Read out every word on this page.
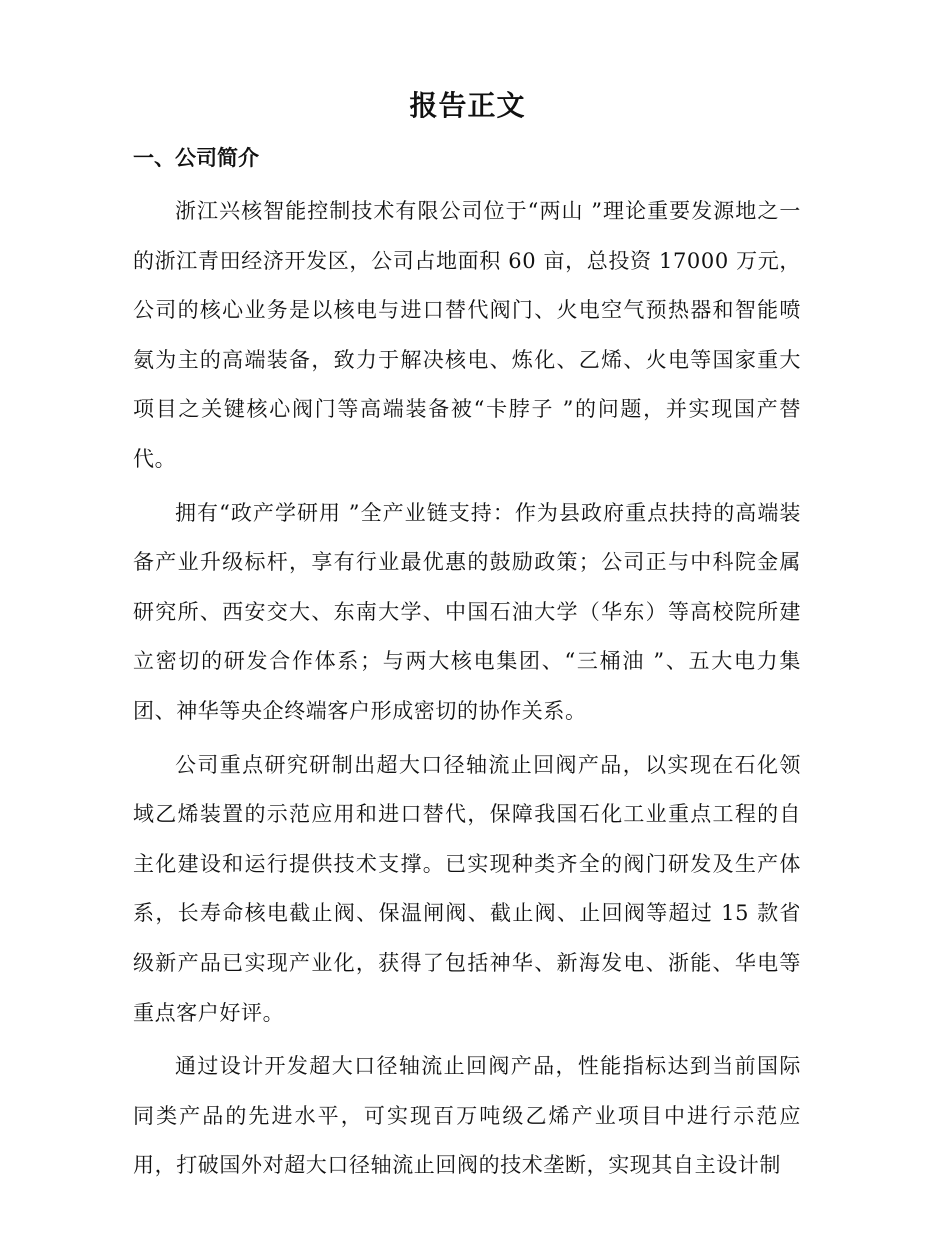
报告正文
一、公司简介

浙江兴核智能控制技术有限公司位于“两山 ”理论重要发源地之一的浙江青田经济开发区，公司占地面积 60 亩，总投资 17000 万元，公司的核心业务是以核电与进口替代阀门、火电空气预热器和智能喷氨为主的高端装备，致力于解决核电、炼化、乙烯、火电等国家重大项目之关键核心阀门等高端装备被“卡脖子 ”的问题，并实现国产替代。

拥有“政产学研用 ”全产业链支持：作为县政府重点扶持的高端装备产业升级标杆，享有行业最优惠的鼓励政策；公司正与中科院金属研究所、西安交大、东南大学、中国石油大学（华东）等高校院所建立密切的研发合作体系；与两大核电集团、“三桶油 ”、五大电力集团、神华等央企终端客户形成密切的协作关系。

公司重点研究研制出超大口径轴流止回阀产品，以实现在石化领域乙烯装置的示范应用和进口替代，保障我国石化工业重点工程的自主化建设和运行提供技术支撑。已实现种类齐全的阀门研发及生产体系，长寿命核电截止阀、保温闸阀、截止阀、止回阀等超过 15 款省级新产品已实现产业化，获得了包括神华、新海发电、浙能、华电等重点客户好评。

通过设计开发超大口径轴流止回阀产品，性能指标达到当前国际同类产品的先进水平，可实现百万吨级乙烯产业项目中进行示范应用，打破国外对超大口径轴流止回阀的技术垄断，实现其自主设计制
